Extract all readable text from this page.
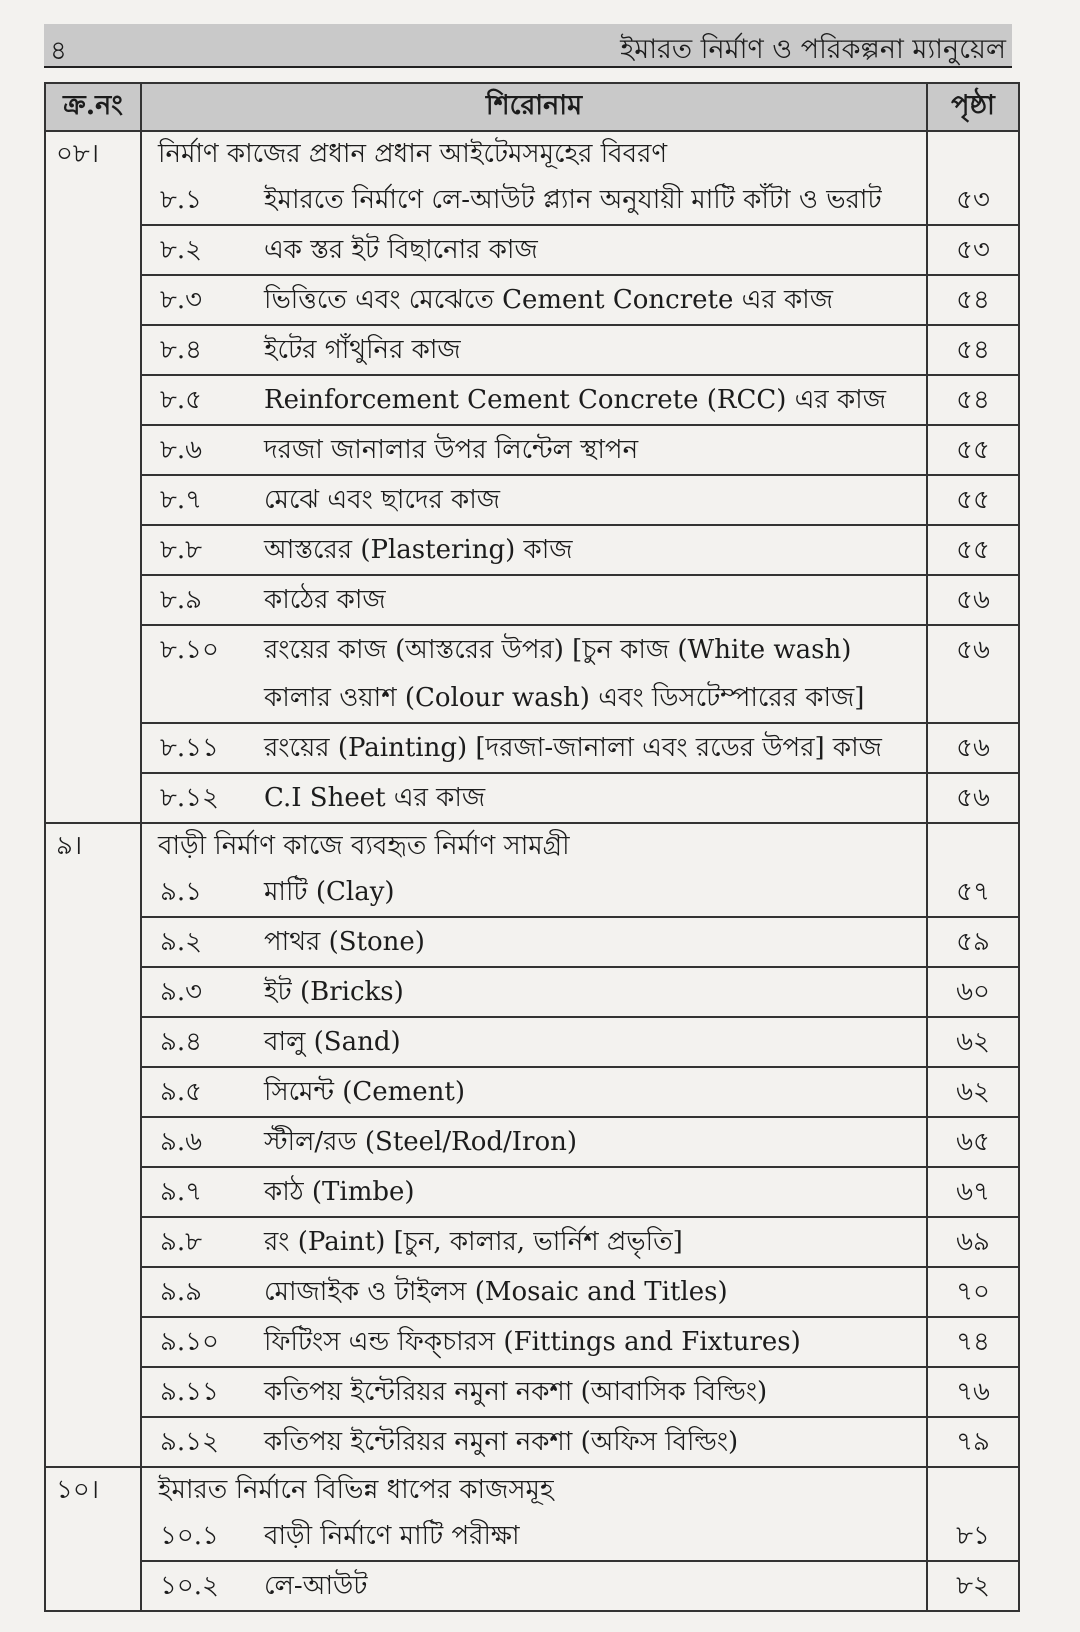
৪	ইমারত নির্মাণ ও পরিকল্পনা ম্যানুয়েল
ক্র.নং	শিরোনাম	পৃষ্ঠা
০৮।	নির্মাণ কাজের প্রধান প্রধান আইটেমসমূহের বিবরণ	

	৮.১ ইমারতে নির্মাণে লে-আউট প্ল্যান অনুযায়ী মাটি কাঁটা ও ভরাট	৫৩

	৮.২ এক স্তর ইট বিছানোর কাজ	৫৩

	৮.৩ ভিত্তিতে এবং মেঝেতে Cement Concrete এর কাজ	৫৪

	৮.৪ ইটের গাঁথুনির কাজ	৫৪

	৮.৫ Reinforcement Cement Concrete (RCC) এর কাজ	৫৪

	৮.৬ দরজা জানালার উপর লিন্টেল স্থাপন	৫৫

	৮.৭ মেঝে এবং ছাদের কাজ	৫৫

	৮.৮ আস্তরের (Plastering) কাজ	৫৫

	৮.৯ কাঠের কাজ	৫৬

	৮.১০ রংয়ের কাজ (আস্তরের উপর) [চুন কাজ (White wash) কালার ওয়াশ (Colour wash) এবং ডিসটেম্পারের কাজ]	৫৬

	৮.১১ রংয়ের (Painting) [দরজা-জানালা এবং রডের উপর] কাজ	৫৬

	৮.১২ C.I Sheet এর কাজ	৫৬
৯।	বাড়ী নির্মাণ কাজে ব্যবহৃত নির্মাণ সামগ্রী	

	৯.১ মাটি (Clay)	৫৭

	৯.২ পাথর (Stone)	৫৯

	৯.৩ ইট (Bricks)	৬০

	৯.৪ বালু (Sand)	৬২

	৯.৫ সিমেন্ট (Cement)	৬২

	৯.৬ স্টীল/রড (Steel/Rod/Iron)	৬৫

	৯.৭ কাঠ (Timbe)	৬৭

	৯.৮ রং (Paint) [চুন, কালার, ভার্নিশ প্রভৃতি]	৬৯

	৯.৯ মোজাইক ও টাইলস (Mosaic and Titles)	৭০

	৯.১০ ফিটিংস এন্ড ফিক্চারস (Fittings and Fixtures)	৭৪

	৯.১১ কতিপয় ইন্টেরিয়র নমুনা নকশা (আবাসিক বিল্ডিং)	৭৬

	৯.১২ কতিপয় ইন্টেরিয়র নমুনা নকশা (অফিস বিল্ডিং)	৭৯
১০।	ইমারত নির্মানে বিভিন্ন ধাপের কাজসমূহ	

	১০.১ বাড়ী নির্মাণে মাটি পরীক্ষা	৮১

	১০.২ লে-আউট	৮২
